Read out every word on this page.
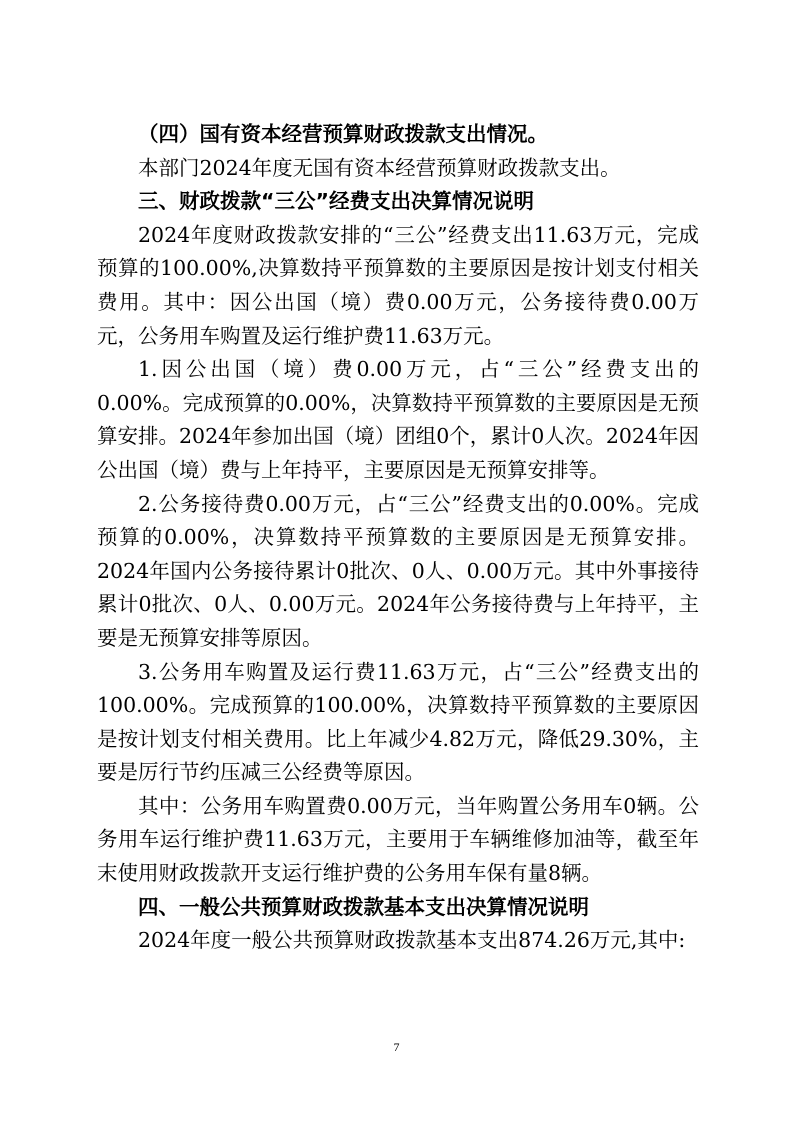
（四）国有资本经营预算财政拨款支出情况。

本部门2024年度无国有资本经营预算财政拨款支出。

三、财政拨款“三公”经费支出决算情况说明

2024年度财政拨款安排的“三公”经费支出11.63万元，完成预算的100.00%,决算数持平预算数的主要原因是按计划支付相关费用。其中：因公出国（境）费0.00万元，公务接待费0.00万元，公务用车购置及运行维护费11.63万元。

1.因公出国（境）费0.00万元，占“三公”经费支出的0.00%。完成预算的0.00%，决算数持平预算数的主要原因是无预算安排。2024年参加出国（境）团组0个，累计0人次。2024年因公出国（境）费与上年持平，主要原因是无预算安排等。

2.公务接待费0.00万元，占“三公”经费支出的0.00%。完成预算的0.00%，决算数持平预算数的主要原因是无预算安排。2024年国内公务接待累计0批次、0人、0.00万元。其中外事接待累计0批次、0人、0.00万元。2024年公务接待费与上年持平，主要是无预算安排等原因。

3.公务用车购置及运行费11.63万元，占“三公”经费支出的100.00%。完成预算的100.00%，决算数持平预算数的主要原因是按计划支付相关费用。比上年减少4.82万元，降低29.30%，主要是厉行节约压减三公经费等原因。

其中：公务用车购置费0.00万元，当年购置公务用车0辆。公务用车运行维护费11.63万元，主要用于车辆维修加油等，截至年末使用财政拨款开支运行维护费的公务用车保有量8辆。

四、一般公共预算财政拨款基本支出决算情况说明

2024年度一般公共预算财政拨款基本支出874.26万元,其中:

7
